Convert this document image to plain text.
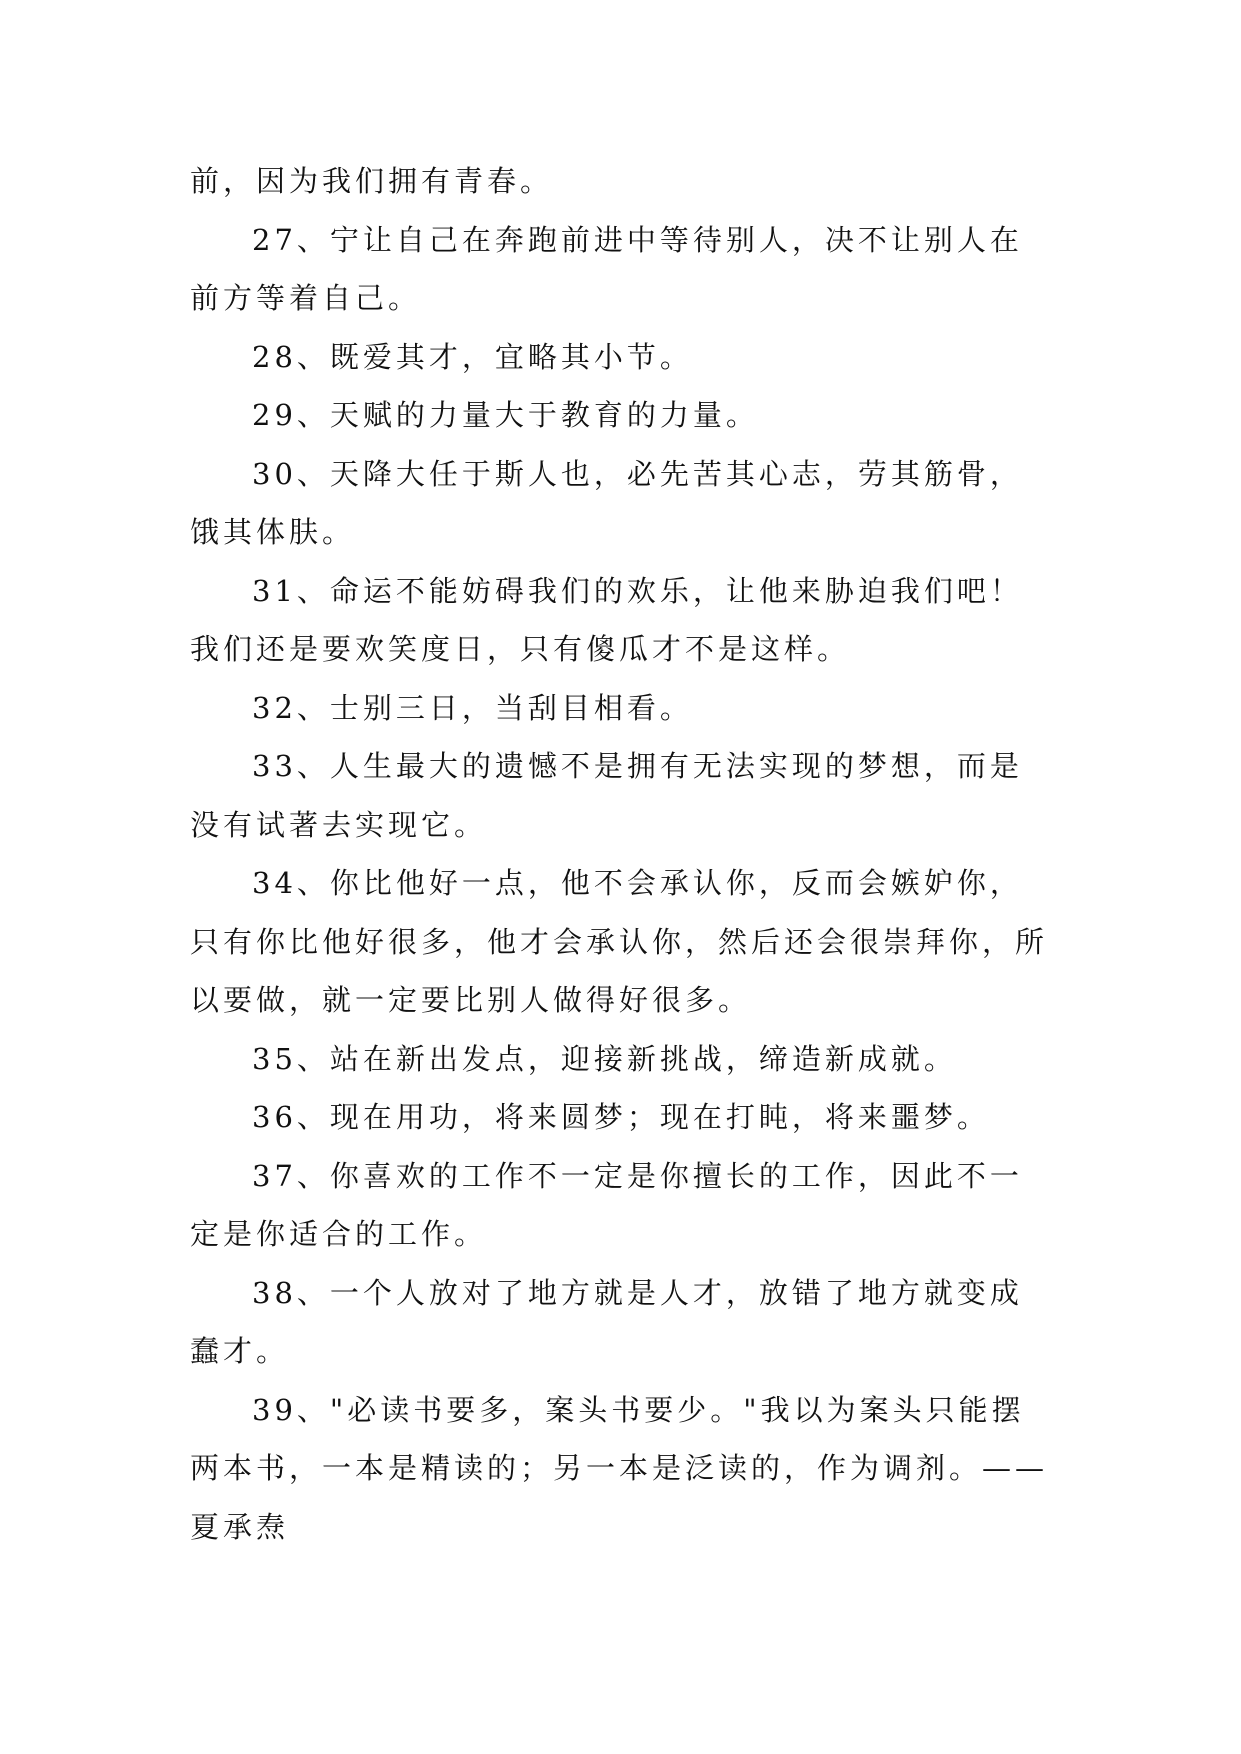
前，因为我们拥有青春。

27、宁让自己在奔跑前进中等待别人，决不让别人在前方等着自己。

28、既爱其才，宜略其小节。

29、天赋的力量大于教育的力量。

30、天降大任于斯人也，必先苦其心志，劳其筋骨，饿其体肤。

31、命运不能妨碍我们的欢乐，让他来胁迫我们吧！我们还是要欢笑度日，只有傻瓜才不是这样。

32、士别三日，当刮目相看。

33、人生最大的遗憾不是拥有无法实现的梦想，而是没有试著去实现它。

34、你比他好一点，他不会承认你，反而会嫉妒你，只有你比他好很多，他才会承认你，然后还会很崇拜你，所以要做，就一定要比别人做得好很多。

35、站在新出发点，迎接新挑战，缔造新成就。

36、现在用功，将来圆梦；现在打盹，将来噩梦。

37、你喜欢的工作不一定是你擅长的工作，因此不一定是你适合的工作。

38、一个人放对了地方就是人才，放错了地方就变成蠢才。

39、"必读书要多，案头书要少。"我以为案头只能摆两本书，一本是精读的；另一本是泛读的，作为调剂。——夏承焘
